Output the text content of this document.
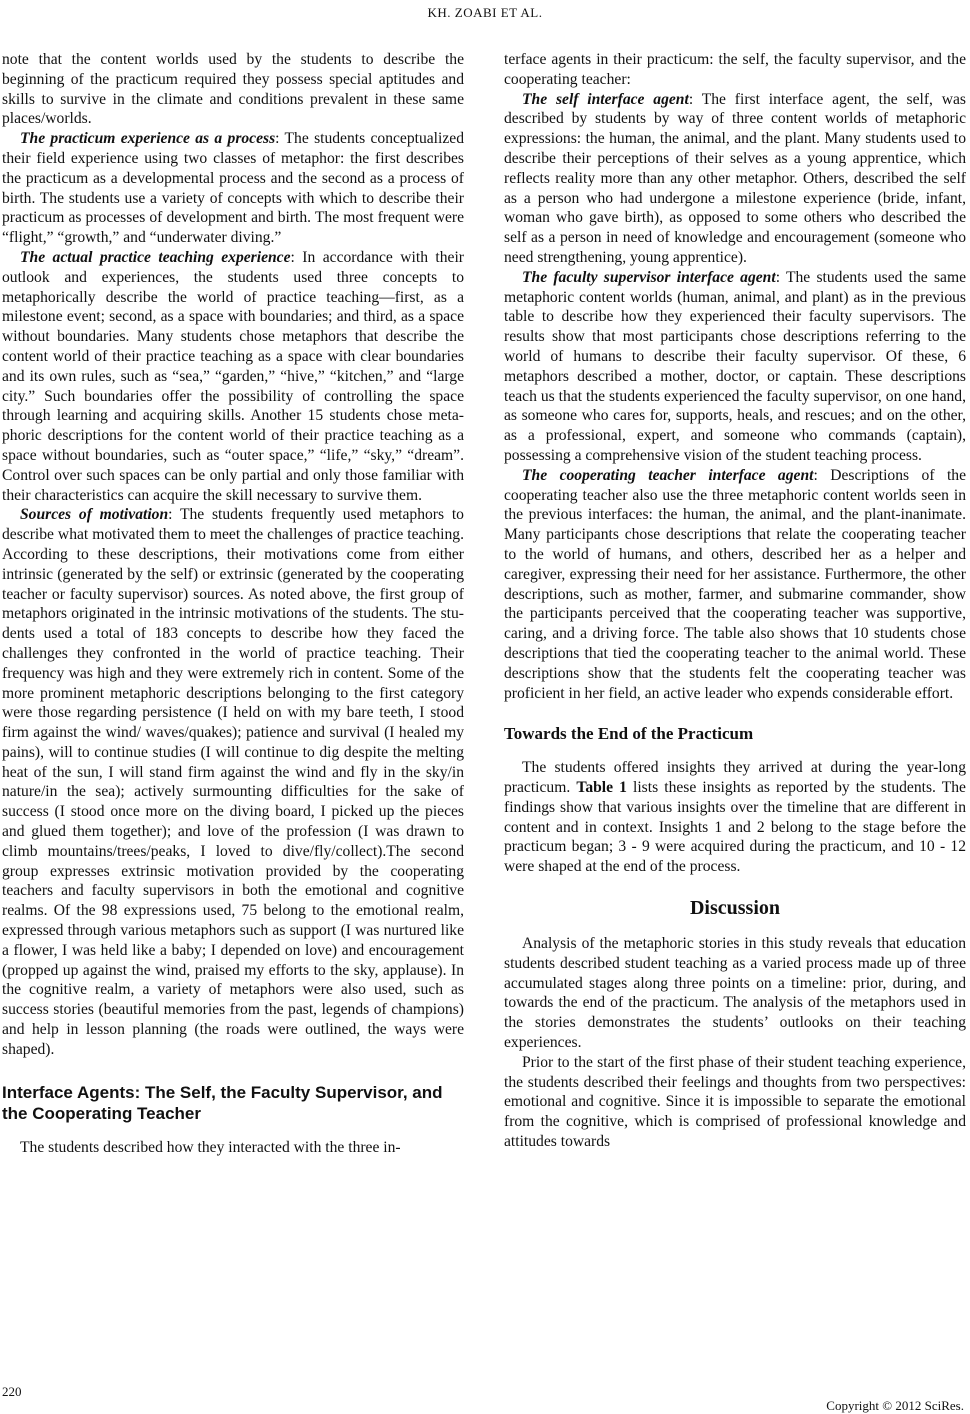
KH. ZOABI ET AL.

note that the content worlds used by the students to describe the beginning of the practicum required they possess special aptitudes and skills to survive in the climate and conditions prevalent in these same places/worlds.

The practicum experience as a process: The students conceptualized their field experience using two classes of metaphor: the first describes the practicum as a developmental process and the second as a process of birth. The students use a variety of concepts with which to describe their practicum as processes of development and birth. The most frequent were “flight,” “growth,” and “underwater diving.”

The actual practice teaching experience: In accordance with their outlook and experiences, the students used three concepts to metaphorically describe the world of practice teaching—first, as a milestone event; second, as a space with boundaries; and third, as a space without boundaries. Many students chose metaphors that describe the content world of their practice teaching as a space with clear boundaries and its own rules, such as “sea,” “garden,” “hive,” “kitchen,” and “large city.” Such boundaries offer the possibility of controlling the space through learning and acquiring skills. Another 15 students chose metaphoric descriptions for the content world of their practice teaching as a space without boundaries, such as “outer space,” “life,” “sky,” “dream”. Control over such spaces can be only partial and only those familiar with their characteristics can acquire the skill necessary to survive them.

Sources of motivation: The students frequently used metaphors to describe what motivated them to meet the challenges of practice teaching. According to these descriptions, their motivations come from either intrinsic (generated by the self) or extrinsic (generated by the cooperating teacher or faculty supervisor) sources. As noted above, the first group of metaphors originated in the intrinsic motivations of the students. The students used a total of 183 concepts to describe how they faced the challenges they confronted in the world of practice teaching. Their frequency was high and they were extremely rich in content. Some of the more prominent metaphoric descriptions belonging to the first category were those regarding persistence (I held on with my bare teeth, I stood firm against the wind/ waves/quakes); patience and survival (I healed my pains), will to continue studies (I will continue to dig despite the melting heat of the sun, I will stand firm against the wind and fly in the sky/in nature/in the sea); actively surmounting difficulties for the sake of success (I stood once more on the diving board, I picked up the pieces and glued them together); and love of the profession (I was drawn to climb mountains/trees/peaks, I loved to dive/fly/collect).The second group expresses extrinsic motivation provided by the cooperating teachers and faculty supervisors in both the emotional and cognitive realms. Of the 98 expressions used, 75 belong to the emotional realm, expressed through various metaphors such as support (I was nurtured like a flower, I was held like a baby; I depended on love) and encouragement (propped up against the wind, praised my efforts to the sky, applause). In the cognitive realm, a variety of metaphors were also used, such as success stories (beautiful memories from the past, legends of champions) and help in lesson planning (the roads were outlined, the ways were shaped).

Interface Agents: The Self, the Faculty Supervisor, and the Cooperating Teacher

The students described how they interacted with the three in-

terface agents in their practicum: the self, the faculty supervisor, and the cooperating teacher:

The self interface agent: The first interface agent, the self, was described by students by way of three content worlds of metaphoric expressions: the human, the animal, and the plant. Many students used to describe their perceptions of their selves as a young apprentice, which reflects reality more than any other metaphor. Others, described the self as a person who had undergone a milestone experience (bride, infant, woman who gave birth), as opposed to some others who described the self as a person in need of knowledge and encouragement (someone who need strengthening, young apprentice).

The faculty supervisor interface agent: The students used the same metaphoric content worlds (human, animal, and plant) as in the previous table to describe how they experienced their faculty supervisors. The results show that most participants chose descriptions referring to the world of humans to describe their faculty supervisor. Of these, 6 metaphors described a mother, doctor, or captain. These descriptions teach us that the students experienced the faculty supervisor, on one hand, as someone who cares for, supports, heals, and rescues; and on the other, as a professional, expert, and someone who commands (captain), possessing a comprehensive vision of the student teaching process.

The cooperating teacher interface agent: Descriptions of the cooperating teacher also use the three metaphoric content worlds seen in the previous interfaces: the human, the animal, and the plant-inanimate. Many participants chose descriptions that relate the cooperating teacher to the world of humans, and others, described her as a helper and caregiver, expressing their need for her assistance. Furthermore, the other descriptions, such as mother, farmer, and submarine commander, show the participants perceived that the cooperating teacher was supportive, caring, and a driving force. The table also shows that 10 students chose descriptions that tied the cooperating teacher to the animal world. These descriptions show that the students felt the cooperating teacher was proficient in her field, an active leader who expends considerable effort.

Towards the End of the Practicum

The students offered insights they arrived at during the year-long practicum. Table 1 lists these insights as reported by the students. The findings show that various insights over the timeline that are different in content and in context. Insights 1 and 2 belong to the stage before the practicum began; 3 - 9 were acquired during the practicum, and 10 - 12 were shaped at the end of the process.

Discussion

Analysis of the metaphoric stories in this study reveals that education students described student teaching as a varied process made up of three accumulated stages along three points on a timeline: prior, during, and towards the end of the practicum. The analysis of the metaphors used in the stories demonstrates the students’ outlooks on their teaching experiences.

Prior to the start of the first phase of their student teaching experience, the students described their feelings and thoughts from two perspectives: emotional and cognitive. Since it is impossible to separate the emotional from the cognitive, which is comprised of professional knowledge and attitudes towards

220
Copyright © 2012 SciRes.
